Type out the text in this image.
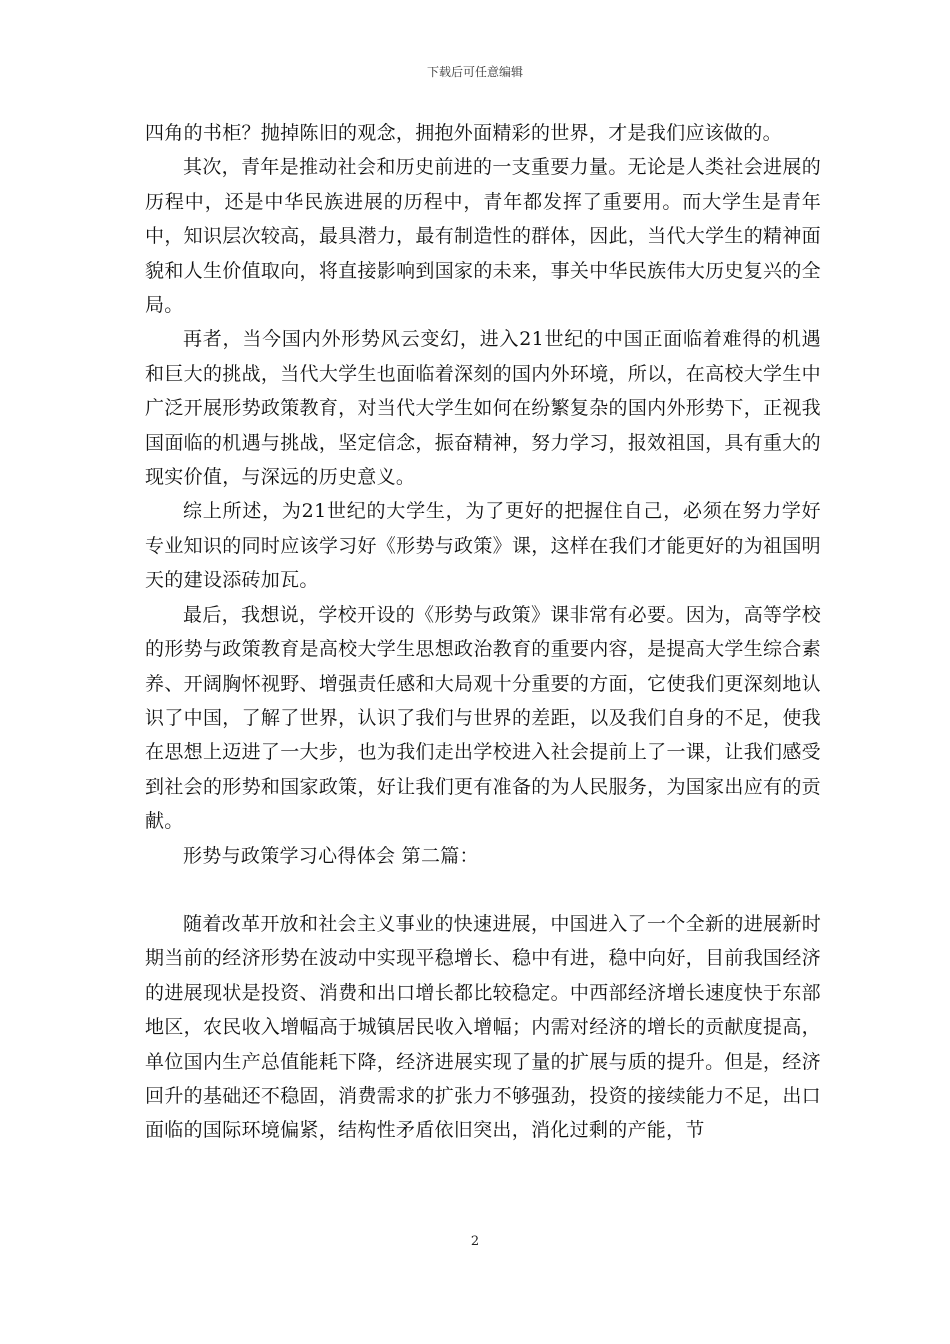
下载后可任意编辑

四角的书柜？抛掉陈旧的观念，拥抱外面精彩的世界，才是我们应该做的。

其次，青年是推动社会和历史前进的一支重要力量。无论是人类社会进展的历程中，还是中华民族进展的历程中，青年都发挥了重要用。而大学生是青年中，知识层次较高，最具潜力，最有制造性的群体，因此，当代大学生的精神面貌和人生价值取向，将直接影响到国家的未来，事关中华民族伟大历史复兴的全局。

再者，当今国内外形势风云变幻，进入21世纪的中国正面临着难得的机遇和巨大的挑战，当代大学生也面临着深刻的国内外环境，所以，在高校大学生中广泛开展形势政策教育，对当代大学生如何在纷繁复杂的国内外形势下，正视我国面临的机遇与挑战，坚定信念，振奋精神，努力学习，报效祖国，具有重大的现实价值，与深远的历史意义。

综上所述，为21世纪的大学生，为了更好的把握住自己，必须在努力学好专业知识的同时应该学习好《形势与政策》课，这样在我们才能更好的为祖国明天的建设添砖加瓦。

最后，我想说，学校开设的《形势与政策》课非常有必要。因为，高等学校的形势与政策教育是高校大学生思想政治教育的重要内容，是提高大学生综合素养、开阔胸怀视野、增强责任感和大局观十分重要的方面，它使我们更深刻地认识了中国，了解了世界，认识了我们与世界的差距，以及我们自身的不足，使我在思想上迈进了一大步，也为我们走出学校进入社会提前上了一课，让我们感受到社会的形势和国家政策，好让我们更有准备的为人民服务，为国家出应有的贡献。

形势与政策学习心得体会 第二篇：

随着改革开放和社会主义事业的快速进展，中国进入了一个全新的进展新时期当前的经济形势在波动中实现平稳增长、稳中有进，稳中向好，目前我国经济的进展现状是投资、消费和出口增长都比较稳定。中西部经济增长速度快于东部地区，农民收入增幅高于城镇居民收入增幅；内需对经济的增长的贡献度提高，单位国内生产总值能耗下降，经济进展实现了量的扩展与质的提升。但是，经济回升的基础还不稳固，消费需求的扩张力不够强劲，投资的接续能力不足，出口面临的国际环境偏紧，结构性矛盾依旧突出，消化过剩的产能，节

2
